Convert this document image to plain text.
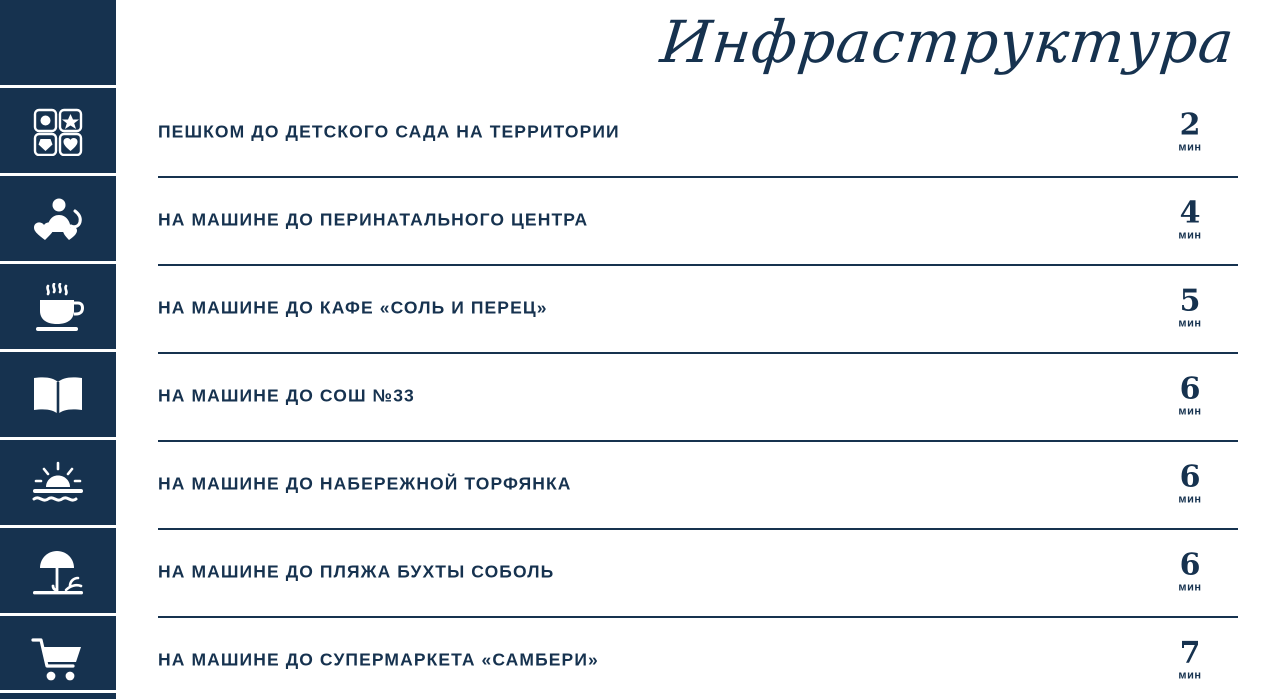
Инфраструктура
ПЕШКОМ ДО ДЕТСКОГО САДА НА ТЕРРИТОРИИ	2
мин
НА МАШИНЕ ДО ПЕРИНАТАЛЬНОГО ЦЕНТРА	4
мин
НА МАШИНЕ ДО КАФЕ «СОЛЬ И ПЕРЕЦ»	5
мин
НА МАШИНЕ ДО СОШ №33	6
мин
НА МАШИНЕ ДО НАБЕРЕЖНОЙ ТОРФЯНКА	6
мин
НА МАШИНЕ ДО ПЛЯЖА БУХТЫ СОБОЛЬ	6
мин
НА МАШИНЕ ДО СУПЕРМАРКЕТА «САМБЕРИ»	7
мин
